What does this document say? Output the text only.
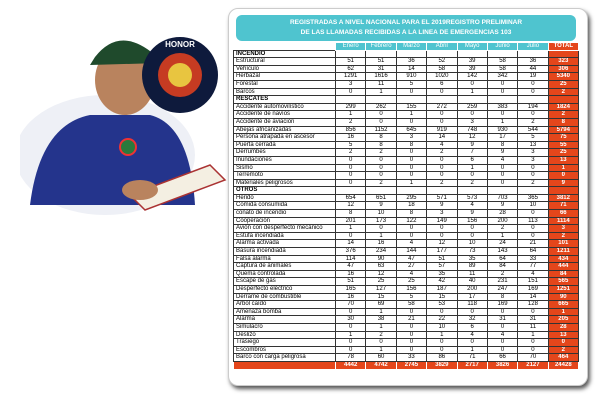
HONOR
REGISTRADAS A NIVEL NACIONAL PARA EL 2019REGISTRO PRELIMINAR
DE LAS LLAMADAS RECIBIDAS A LA LINEA DE EMERGENCIAS 103
	Enero	Febrero	Marzo	Abril	Mayo	Junio	Julio	TOTAL
INCENDIO								
Estructural	51	51	36	52	39	58	36	323
Vehículo	62	31	14	58	39	58	44	306
Herbazal	1291	1616	910	1020	142	342	19	5340
Forestal	3	11	5	6	0	0	0	25
Barcos	0	1	0	0	1	0	0	2
RESCATES								
Accidente automovilístico	299	262	155	272	259	383	194	1824
Accidente de navíos	1	0	1	0	0	0	0	2
Accidente de aviación	2	0	0	0	3	1	2	8
Abejas africanizadas	856	1152	645	919	748	930	544	5794
Persona atrapada en ascesor	16	8	3	14	12	17	5	75
Puerta cerrada	5	8	8	4	9	8	13	55
Derrumbes	2	2	0	2	7	9	3	25
Inundaciones	0	0	0	0	6	4	3	13
Sismo	0	0	0	0	1	0	0	1
Terremoto	0	0	0	0	0	0	0	0
Materiales peligrosos	0	2	1	2	2	0	2	9
OTROS								
Herido	654	651	295	571	573	703	365	3812
Comida consumida	12	9	18	9	4	9	10	71
conato de incendio	8	10	8	3	9	28	0	66
Cooperación	201	173	122	149	156	200	113	1114
Avión con desperfecto mecánico	1	0	0	0	0	2	0	3
Estufa incendiada	0	1	0	0	0	1	0	2
Alarma activada	14	16	4	12	10	24	21	101
Basura incendiada	376	234	144	177	73	143	64	1211
Falsa alarma	114	90	47	51	35	64	33	434
Captura de animales	47	63	27	57	89	84	77	444
Quema controlada	16	12	4	35	11	2	4	84
Escape de gas	51	25	25	42	40	231	151	565
Desperfecto eléctrico	165	127	156	187	200	247	169	1251
Derrame de combustible	16	15	5	15	17	8	14	90
Árbol caído	70	69	58	53	118	169	128	665
Amenaza bomba	0	1	0	0	0	0	0	1
Alarma	30	38	21	22	32	31	31	205
Simulacro	0	1	0	10	6	0	11	28
Deslizo	1	2	0	1	4	4	1	13
Trasiego	0	0	0	0	0	0	0	0
Escombros	0	1	0	0	1	0	0	2
Barco con carga peligrosa	78	60	33	86	71	66	70	464
	4442	4742	2745	3829	2717	3826	2127	24428
